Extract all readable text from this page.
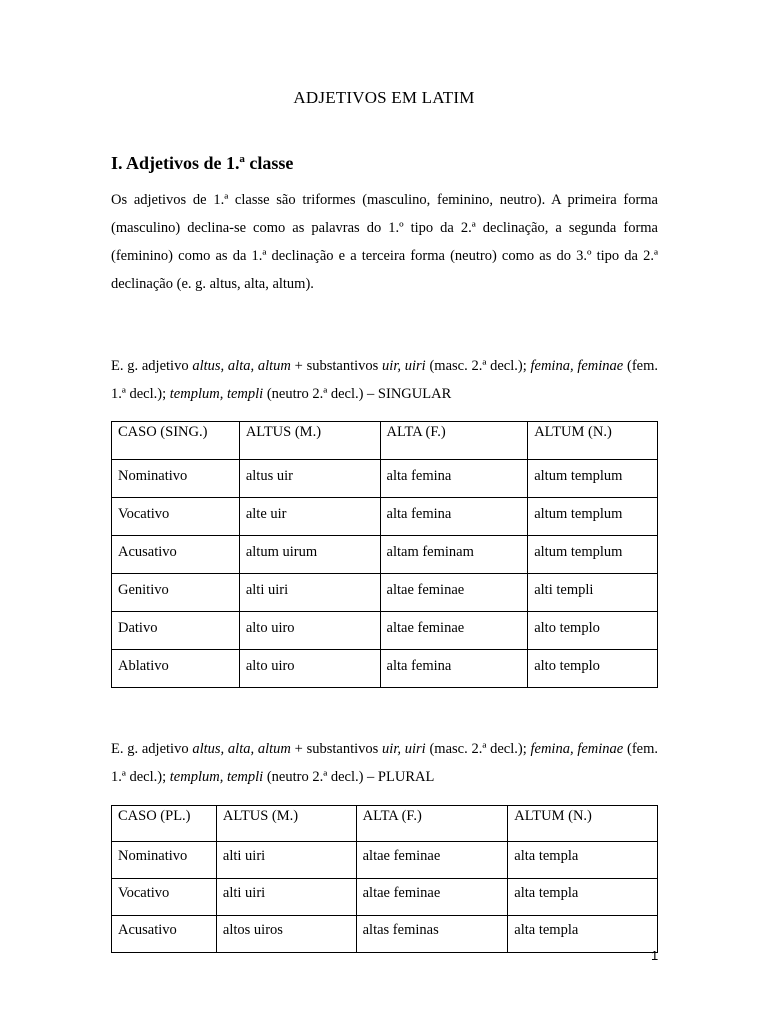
ADJETIVOS EM LATIM
I. Adjetivos de 1.ª classe

Os adjetivos de 1.ª classe são triformes (masculino, feminino, neutro). A primeira forma (masculino) declina-se como as palavras do 1.º tipo da 2.ª declinação, a segunda forma (feminino) como as da 1.ª declinação e a terceira forma (neutro) como as do 3.º tipo da 2.ª declinação (e. g. altus, alta, altum).

E. g. adjetivo altus, alta, altum + substantivos uir, uiri (masc. 2.ª decl.); femina, feminae (fem. 1.ª decl.); templum, templi (neutro 2.ª decl.) – SINGULAR

CASO (SING.)	ALTUS (M.)	ALTA (F.)	ALTUM (N.)
Nominativo	altus uir	alta femina	altum templum
Vocativo	alte uir	alta femina	altum templum
Acusativo	altum uirum	altam feminam	altum templum
Genitivo	alti uiri	altae feminae	alti templi
Dativo	alto uiro	altae feminae	alto templo
Ablativo	alto uiro	alta femina	alto templo

E. g. adjetivo altus, alta, altum + substantivos uir, uiri (masc. 2.ª decl.); femina, feminae (fem. 1.ª decl.); templum, templi (neutro 2.ª decl.) – PLURAL

CASO (PL.)	ALTUS (M.)	ALTA (F.)	ALTUM (N.)
Nominativo	alti uiri	altae feminae	alta templa
Vocativo	alti uiri	altae feminae	alta templa
Acusativo	altos uiros	altas feminas	alta templa
1
